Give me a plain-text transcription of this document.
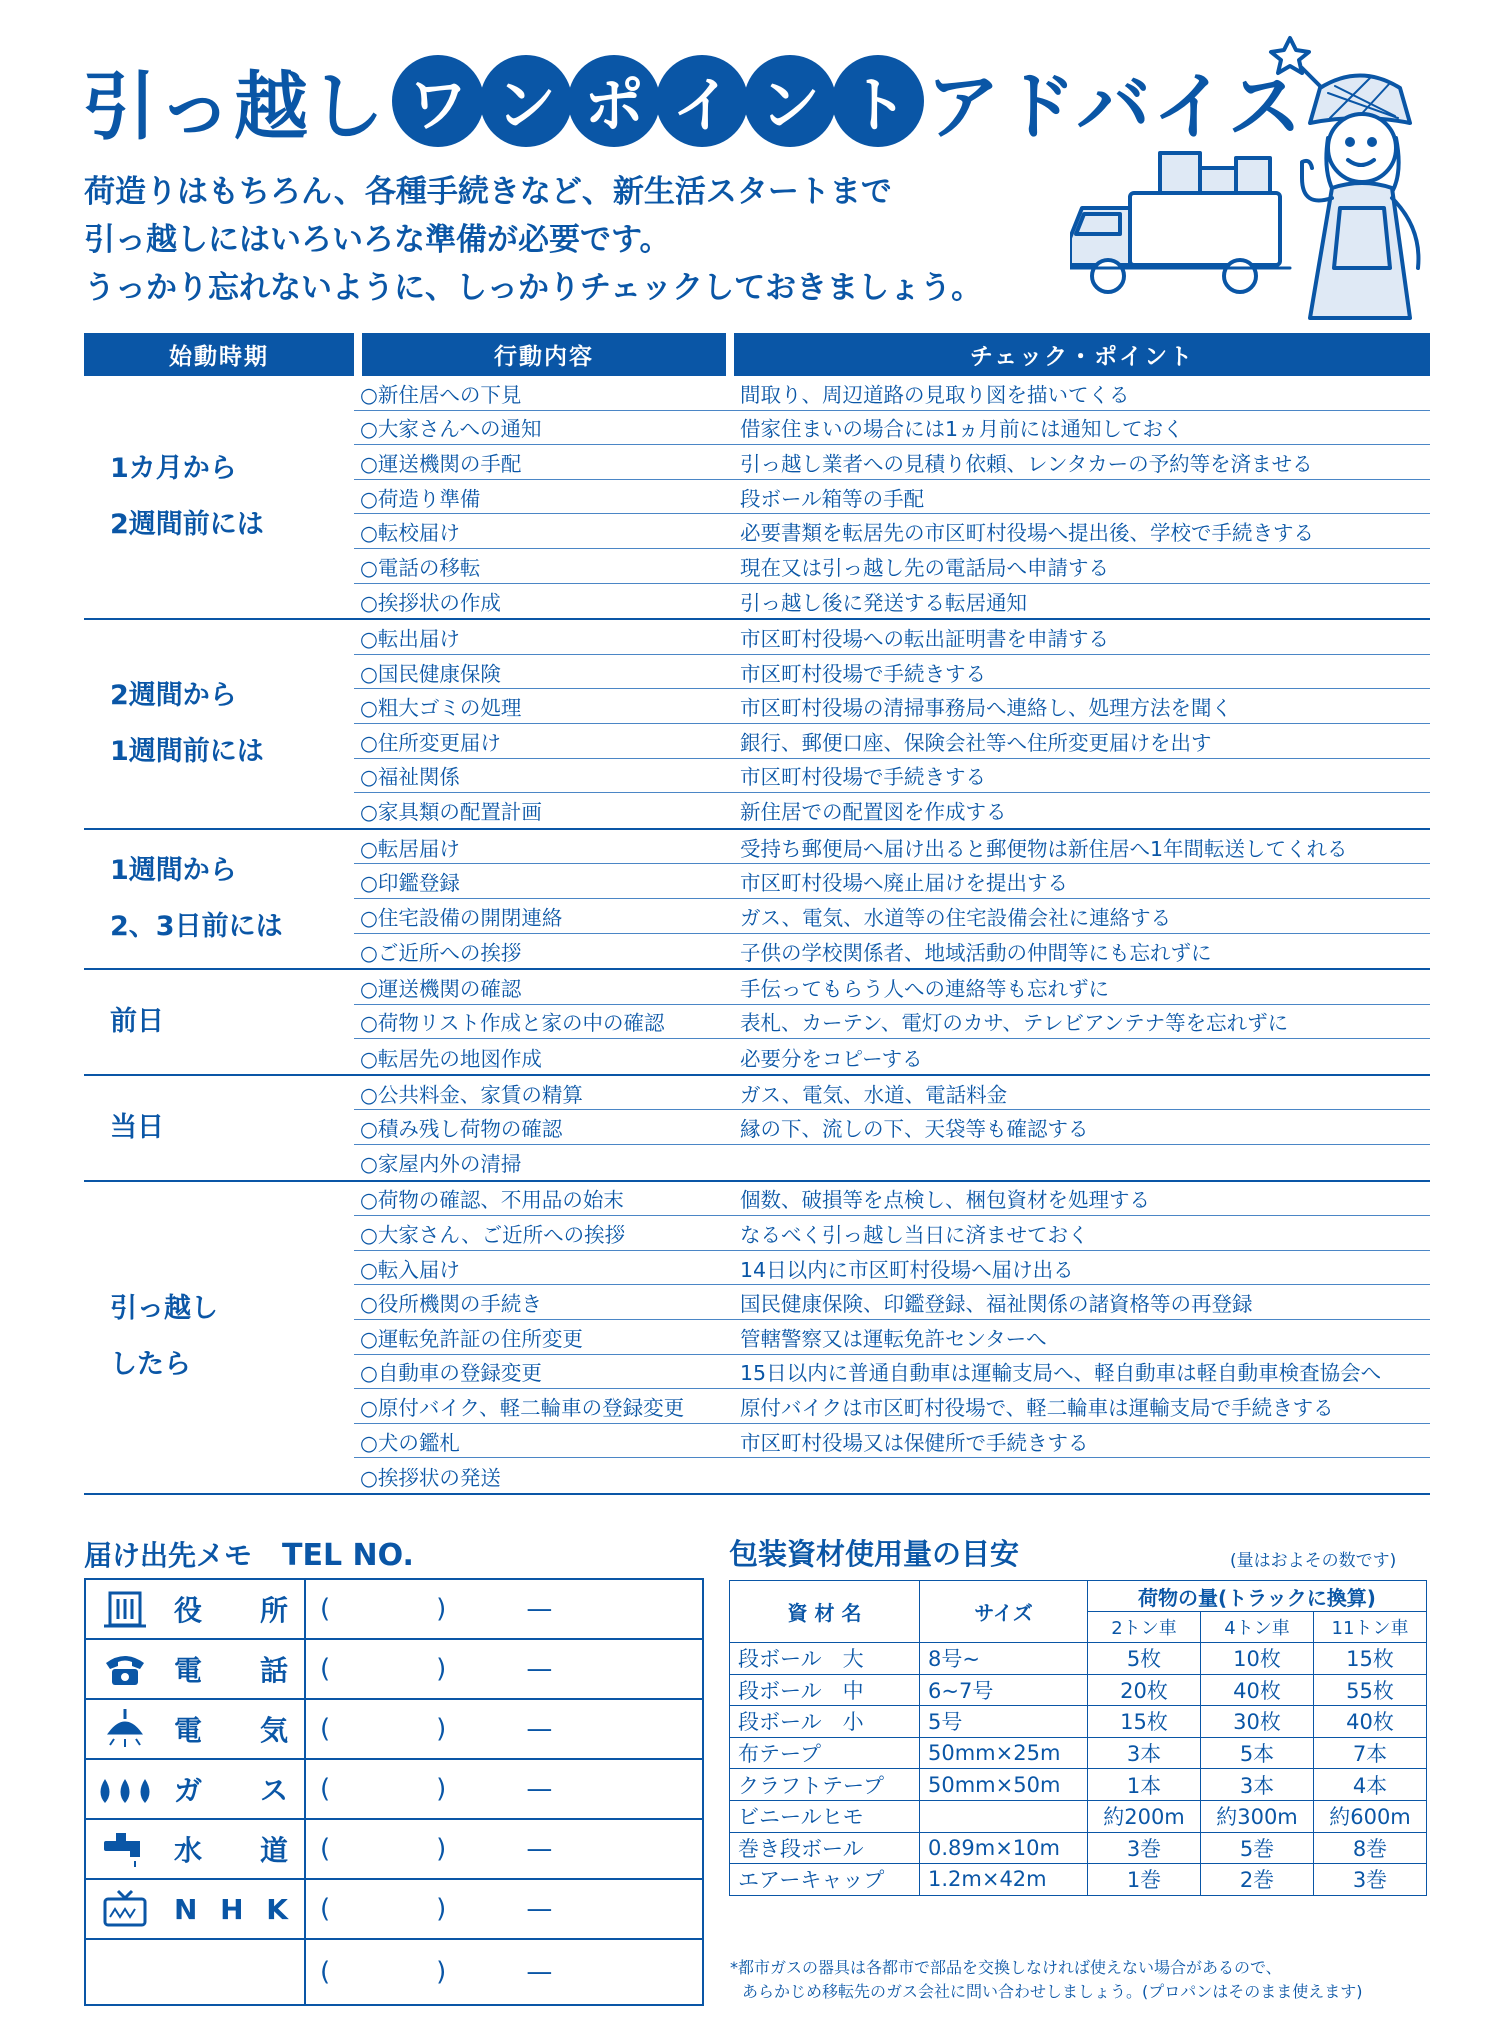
引っ越し ワ ン ポ イ ン ト アドバイス
荷造りはもちろん、各種手続きなど、新生活スタートまで
引っ越しにはいろいろな準備が必要です。
うっかり忘れないように、しっかりチェックしておきましょう。
始動時期	行動内容	チェック・ポイント
1カ月から
2週間前には
○新住居への下見	間取り、周辺道路の見取り図を描いてくる
○大家さんへの通知	借家住まいの場合には1ヵ月前には通知しておく
○運送機関の手配	引っ越し業者への見積り依頼、レンタカーの予約等を済ませる
○荷造り準備	段ボール箱等の手配
○転校届け	必要書類を転居先の市区町村役場へ提出後、学校で手続きする
○電話の移転	現在又は引っ越し先の電話局へ申請する
○挨拶状の作成	引っ越し後に発送する転居通知
2週間から
1週間前には
○転出届け	市区町村役場への転出証明書を申請する
○国民健康保険	市区町村役場で手続きする
○粗大ゴミの処理	市区町村役場の清掃事務局へ連絡し、処理方法を聞く
○住所変更届け	銀行、郵便口座、保険会社等へ住所変更届けを出す
○福祉関係	市区町村役場で手続きする
○家具類の配置計画	新住居での配置図を作成する
1週間から
2、3日前には
○転居届け	受持ち郵便局へ届け出ると郵便物は新住居へ1年間転送してくれる
○印鑑登録	市区町村役場へ廃止届けを提出する
○住宅設備の開閉連絡	ガス、電気、水道等の住宅設備会社に連絡する
○ご近所への挨拶	子供の学校関係者、地域活動の仲間等にも忘れずに
前日
○運送機関の確認	手伝ってもらう人への連絡等も忘れずに
○荷物リスト作成と家の中の確認	表札、カーテン、電灯のカサ、テレビアンテナ等を忘れずに
○転居先の地図作成	必要分をコピーする
当日
○公共料金、家賃の精算	ガス、電気、水道、電話料金
○積み残し荷物の確認	縁の下、流しの下、天袋等も確認する
○家屋内外の清掃
引っ越し
したら
○荷物の確認、不用品の始末	個数、破損等を点検し、梱包資材を処理する
○大家さん、ご近所への挨拶	なるべく引っ越し当日に済ませておく
○転入届け	14日以内に市区町村役場へ届け出る
○役所機関の手続き	国民健康保険、印鑑登録、福祉関係の諸資格等の再登録
○運転免許証の住所変更	管轄警察又は運転免許センターへ
○自動車の登録変更	15日以内に普通自動車は運輸支局へ、軽自動車は軽自動車検査協会へ
○原付バイク、軽二輪車の登録変更	原付バイクは市区町村役場で、軽二輪車は運輸支局で手続きする
○犬の鑑札	市区町村役場又は保健所で手続きする
○挨拶状の発送
届け出先メモ TEL NO.
役 所 (	)	—
電 話 (	)	—
電 気 (	)	—
ガ ス (	)	—
水 道 (	)	—
N H K (	)	—
(	)	—
包装資材使用量の目安	(量はおよその数です)
資 材 名	サイズ	荷物の量(トラックに換算)		
		2トン車	4トン車	11トン車
段ボール　大	8号~	5枚	10枚	15枚
段ボール　中	6~7号	20枚	40枚	55枚
段ボール　小	5号	15枚	30枚	40枚
布テープ	50mm×25m	3本	5本	7本
クラフトテープ	50mm×50m	1本	3本	4本
ビニールヒモ		約200m	約300m	約600m
巻き段ボール	0.89m×10m	3巻	5巻	8巻
エアーキャップ	1.2m×42m	1巻	2巻	3巻
*都市ガスの器具は各都市で部品を交換しなければ使えない場合があるので、
あらかじめ移転先のガス会社に問い合わせしましょう。(プロパンはそのまま使えます)
